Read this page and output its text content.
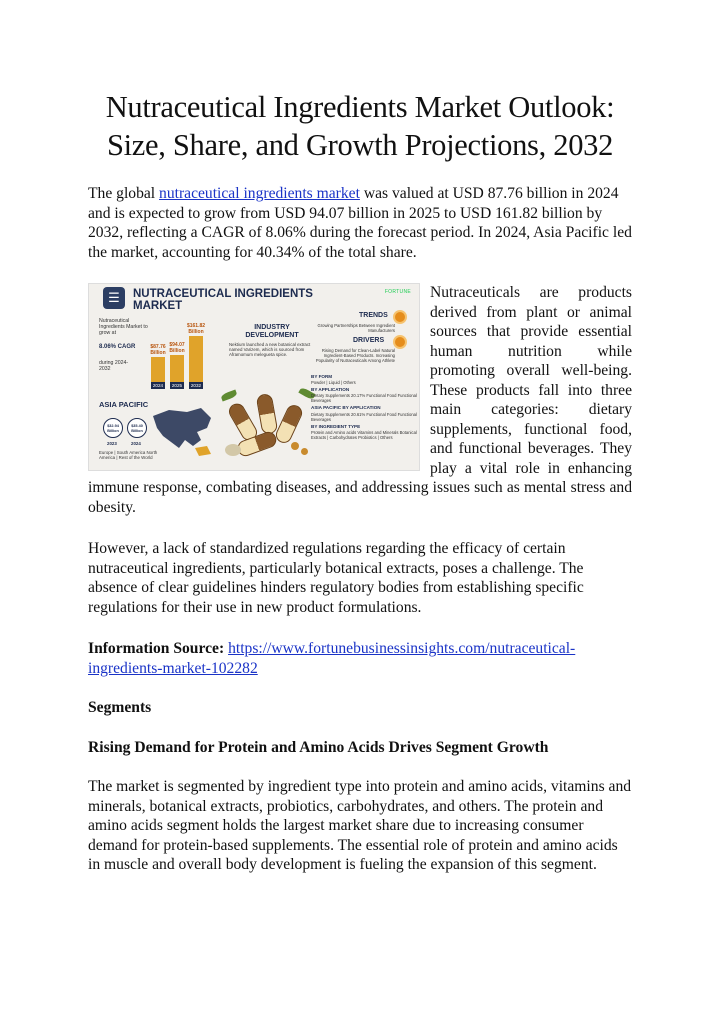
Nutraceutical Ingredients Market Outlook: Size, Share, and Growth Projections, 2032

The global nutraceutical ingredients market was valued at USD 87.76 billion in 2024 and is expected to grow from USD 94.07 billion in 2025 to USD 161.82 billion by 2032, reflecting a CAGR of 8.06% during the forecast period. In 2024, Asia Pacific led the market, accounting for 40.34% of the total share.

☰	NUTRACEUTICAL INGREDIENTS MARKET
FORTUNE
Nutraceutical Ingredients Market to grow at
8.06% CAGR
during 2024-2032
$87.76 Billion
2024
$94.07 Billion
2025
$161.82 Billion
2032
INDUSTRY DEVELOPMENT
Nektium launched a new botanical extract named Varizem, which is sourced from Aframomum melegueta spice.
TRENDS
Growing Partnerships Between Ingredient Manufacturers
DRIVERS
Rising Demand for Clean-Label Natural Ingredient-Based Products. Increasing Popularity of Nutraceuticals Among Athlete
BY FORM
Powder | Liquid | Others
BY APPLICATION
Dietary Supplements 20.17% Functional Food Functional Beverages
ASIA PACIFIC BY APPLICATION
Dietary Supplements 20.61% Functional Food Functional Beverages
BY INGREDIENT TYPE
Protein and Amino acids Vitamins and Minerals Botanical Extracts | Carbohydrates Probiotics | Others
ASIA PACIFIC
$32.94 Billion
$35.40 Billion
2023	2024
Europe | South America North America | Rest of the World

Nutraceuticals are products derived from plant or animal sources that provide essential human nutrition while promoting overall well-being. These products fall into three main categories: dietary supplements, functional food, and functional beverages. They play a vital role in enhancing immune response, combating diseases, and addressing issues such as mental stress and obesity.

However, a lack of standardized regulations regarding the efficacy of certain nutraceutical ingredients, particularly botanical extracts, poses a challenge. The absence of clear guidelines hinders regulatory bodies from establishing specific regulations for their use in new product formulations.

Information Source: https://www.fortunebusinessinsights.com/nutraceutical-ingredients-market-102282

Segments

Rising Demand for Protein and Amino Acids Drives Segment Growth

The market is segmented by ingredient type into protein and amino acids, vitamins and minerals, botanical extracts, probiotics, carbohydrates, and others. The protein and amino acids segment holds the largest market share due to increasing consumer demand for protein-based supplements. The essential role of protein and amino acids in muscle and overall body development is fueling the expansion of this segment.
